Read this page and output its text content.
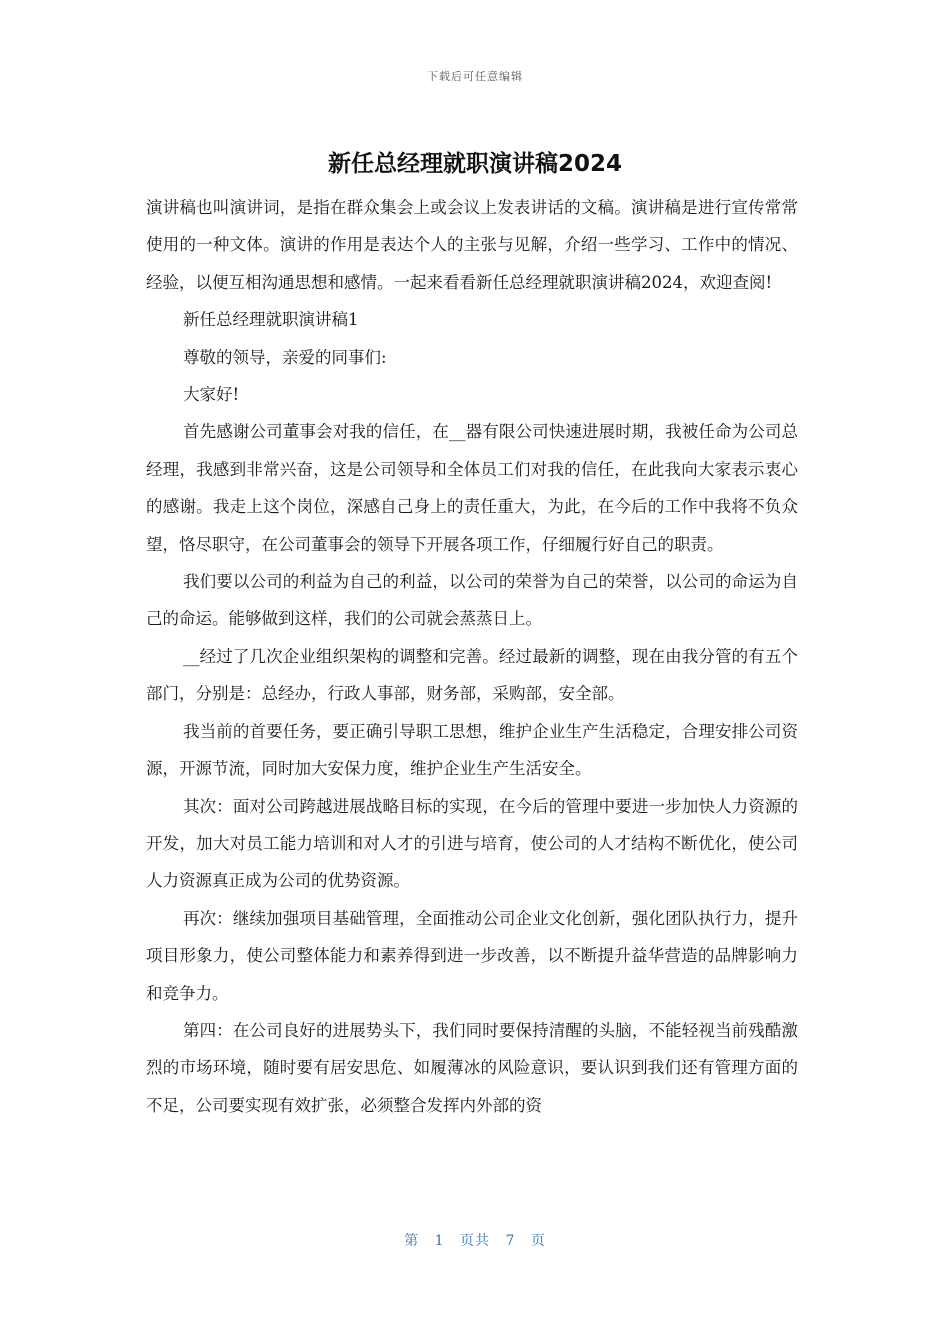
下载后可任意编辑
新任总经理就职演讲稿2024

演讲稿也叫演讲词，是指在群众集会上或会议上发表讲话的文稿。演讲稿是进行宣传常常使用的一种文体。演讲的作用是表达个人的主张与见解，介绍一些学习、工作中的情况、经验，以便互相沟通思想和感情。一起来看看新任总经理就职演讲稿2024，欢迎查阅!

新任总经理就职演讲稿1

尊敬的领导，亲爱的同事们:

大家好!

首先感谢公司董事会对我的信任，在__器有限公司快速进展时期，我被任命为公司总经理，我感到非常兴奋，这是公司领导和全体员工们对我的信任，在此我向大家表示衷心的感谢。我走上这个岗位，深感自己身上的责任重大，为此，在今后的工作中我将不负众望，恪尽职守，在公司董事会的领导下开展各项工作，仔细履行好自己的职责。

我们要以公司的利益为自己的利益，以公司的荣誉为自己的荣誉，以公司的命运为自己的命运。能够做到这样，我们的公司就会蒸蒸日上。

__经过了几次企业组织架构的调整和完善。经过最新的调整，现在由我分管的有五个部门，分别是：总经办，行政人事部，财务部，采购部，安全部。

我当前的首要任务，要正确引导职工思想，维护企业生产生活稳定，合理安排公司资源，开源节流，同时加大安保力度，维护企业生产生活安全。

其次：面对公司跨越进展战略目标的实现，在今后的管理中要进一步加快人力资源的开发，加大对员工能力培训和对人才的引进与培育，使公司的人才结构不断优化，使公司人力资源真正成为公司的优势资源。

再次：继续加强项目基础管理，全面推动公司企业文化创新，强化团队执行力，提升项目形象力，使公司整体能力和素养得到进一步改善，以不断提升益华营造的品牌影响力和竞争力。

第四：在公司良好的进展势头下，我们同时要保持清醒的头脑，不能轻视当前残酷激烈的市场环境，随时要有居安思危、如履薄冰的风险意识，要认识到我们还有管理方面的不足，公司要实现有效扩张，必须整合发挥内外部的资

第 1 页共 7 页
